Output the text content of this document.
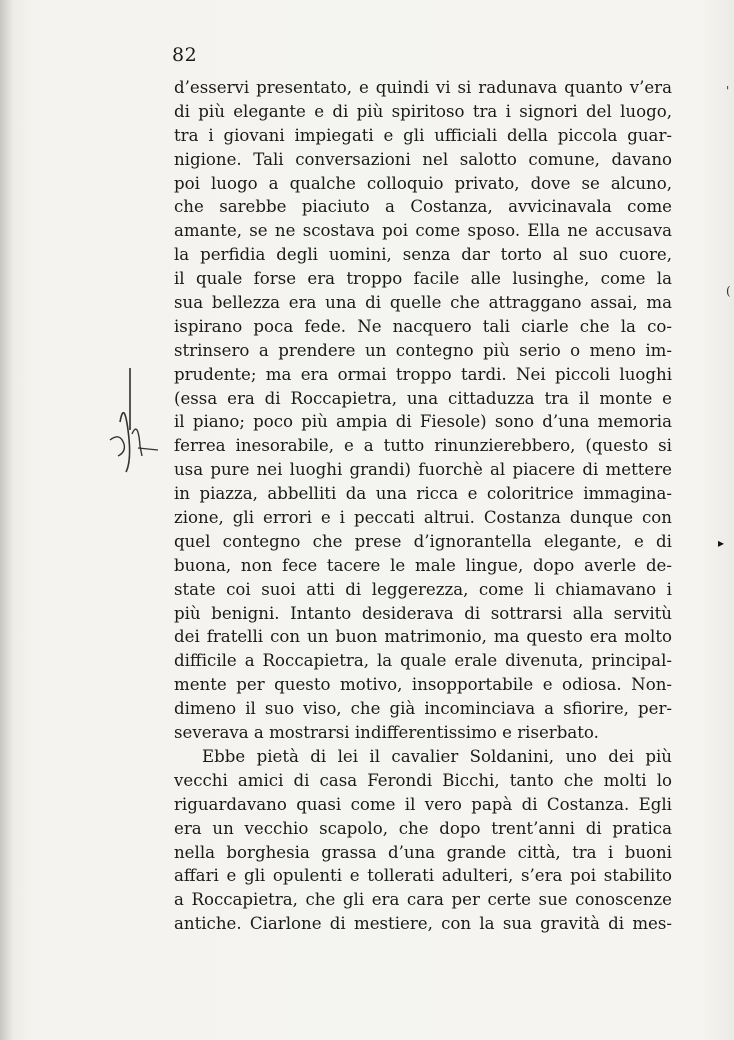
82
d’esservi presentato, e quindi vi si radunava quanto v’era
di più elegante e di più spiritoso tra i signori del luogo,
tra i giovani impiegati e gli ufficiali della piccola guar-
nigione. Tali conversazioni nel salotto comune, davano
poi luogo a qualche colloquio privato, dove se alcuno,
che sarebbe piaciuto a Costanza, avvicinavala come
amante, se ne scostava poi come sposo. Ella ne accusava
la perfidia degli uomini, senza dar torto al suo cuore,
il quale forse era troppo facile alle lusinghe, come la
sua bellezza era una di quelle che attraggano assai, ma
ispirano poca fede. Ne nacquero tali ciarle che la co-
strinsero a prendere un contegno più serio o meno im-
prudente; ma era ormai troppo tardi. Nei piccoli luoghi
(essa era di Roccapietra, una cittaduzza tra il monte e
il piano; poco più ampia di Fiesole) sono d’una memoria
ferrea inesorabile, e a tutto rinunzierebbero, (questo si
usa pure nei luoghi grandi) fuorchè al piacere di mettere
in piazza, abbelliti da una ricca e coloritrice immagina-
zione, gli errori e i peccati altrui. Costanza dunque con
quel contegno che prese d’ignorantella elegante, e di
buona, non fece tacere le male lingue, dopo averle de-
state coi suoi atti di leggerezza, come li chiamavano i
più benigni. Intanto desiderava di sottrarsi alla servitù
dei fratelli con un buon matrimonio, ma questo era molto
difficile a Roccapietra, la quale erale divenuta, principal-
mente per questo motivo, insopportabile e odiosa. Non-
dimeno il suo viso, che già incominciava a sfiorire, per-
severava a mostrarsi indifferentissimo e riserbato.
Ebbe pietà di lei il cavalier Soldanini, uno dei più
vecchi amici di casa Ferondi Bicchi, tanto che molti lo
riguardavano quasi come il vero papà di Costanza. Egli
era un vecchio scapolo, che dopo trent’anni di pratica
nella borghesia grassa d’una grande città, tra i buoni
affari e gli opulenti e tollerati adulteri, s’era poi stabilito
a Roccapietra, che gli era cara per certe sue conoscenze
antiche. Ciarlone di mestiere, con la sua gravità di mes-
'
(
▸
